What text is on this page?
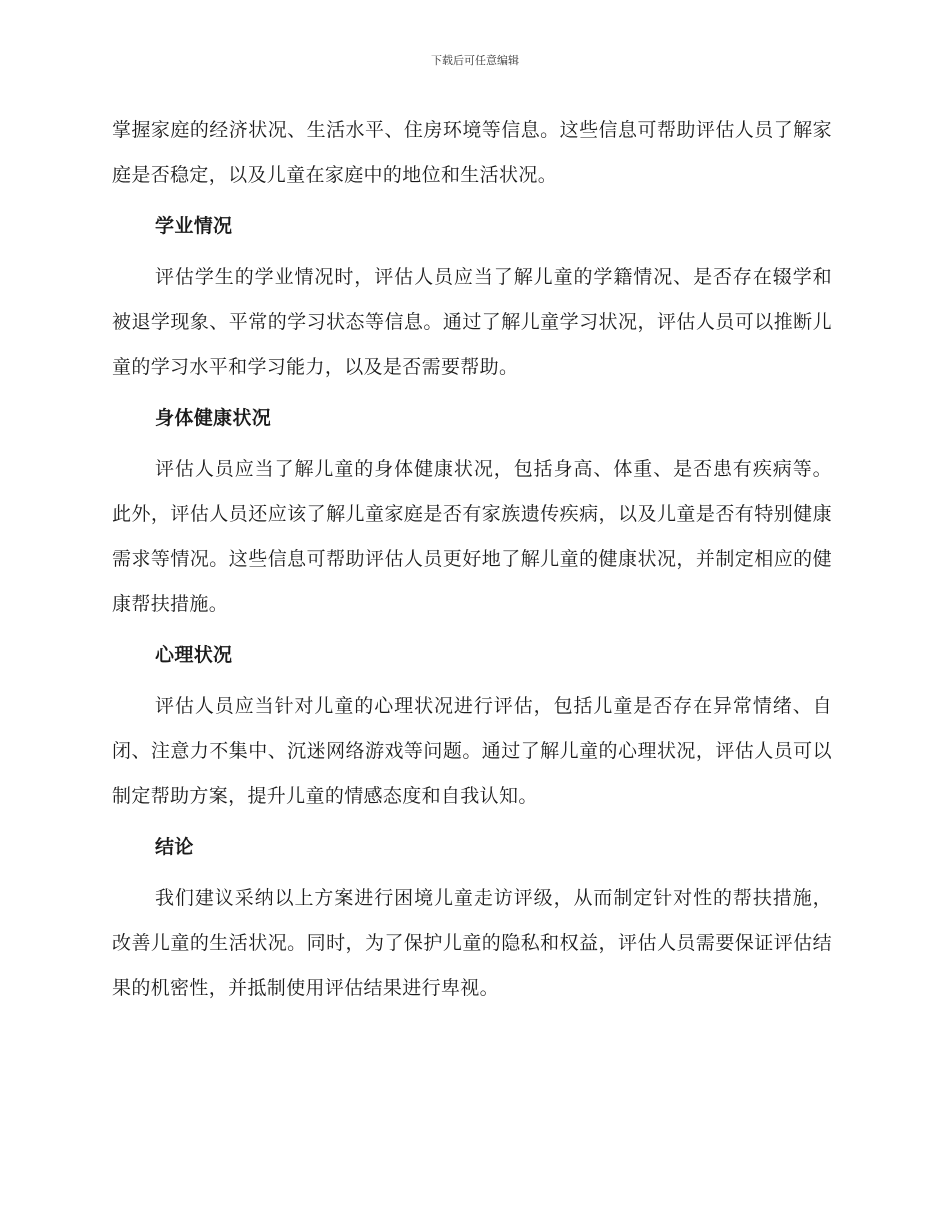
下载后可任意编辑

掌握家庭的经济状况、生活水平、住房环境等信息。这些信息可帮助评估人员了解家庭是否稳定，以及儿童在家庭中的地位和生活状况。

学业情况

评估学生的学业情况时，评估人员应当了解儿童的学籍情况、是否存在辍学和被退学现象、平常的学习状态等信息。通过了解儿童学习状况，评估人员可以推断儿童的学习水平和学习能力，以及是否需要帮助。

身体健康状况

评估人员应当了解儿童的身体健康状况，包括身高、体重、是否患有疾病等。此外，评估人员还应该了解儿童家庭是否有家族遗传疾病，以及儿童是否有特别健康需求等情况。这些信息可帮助评估人员更好地了解儿童的健康状况，并制定相应的健康帮扶措施。

心理状况

评估人员应当针对儿童的心理状况进行评估，包括儿童是否存在异常情绪、自闭、注意力不集中、沉迷网络游戏等问题。通过了解儿童的心理状况，评估人员可以制定帮助方案，提升儿童的情感态度和自我认知。

结论

我们建议采纳以上方案进行困境儿童走访评级，从而制定针对性的帮扶措施，改善儿童的生活状况。同时，为了保护儿童的隐私和权益，评估人员需要保证评估结果的机密性，并抵制使用评估结果进行卑视。
